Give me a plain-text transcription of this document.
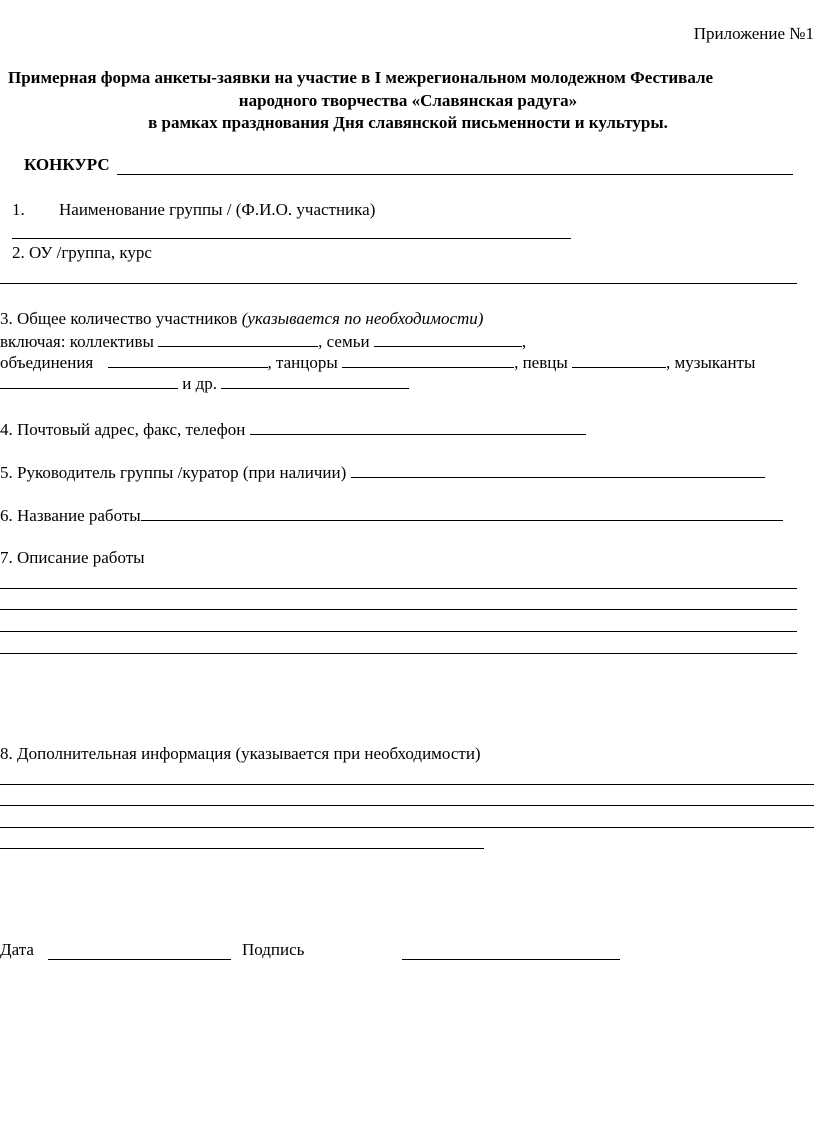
Приложение №1
Примерная форма анкеты-заявки на участие в I межрегиональном молодежном Фестивале
народного творчества «Славянская радуга»
в рамках празднования Дня славянской письменности и культуры.
КОНКУРС
1. Наименование группы / (Ф.И.О. участника)
2. ОУ /группа, курс
3. Общее количество участников (указывается по необходимости)
включая: коллективы	, семьи	,
объединения	, танцоры	, певцы	, музыканты
и др.
4. Почтовый адрес, факс, телефон
5. Руководитель группы /куратор (при наличии)
6. Название работы
7. Описание работы
8. Дополнительная информация (указывается при необходимости)
Дата	Подпись
